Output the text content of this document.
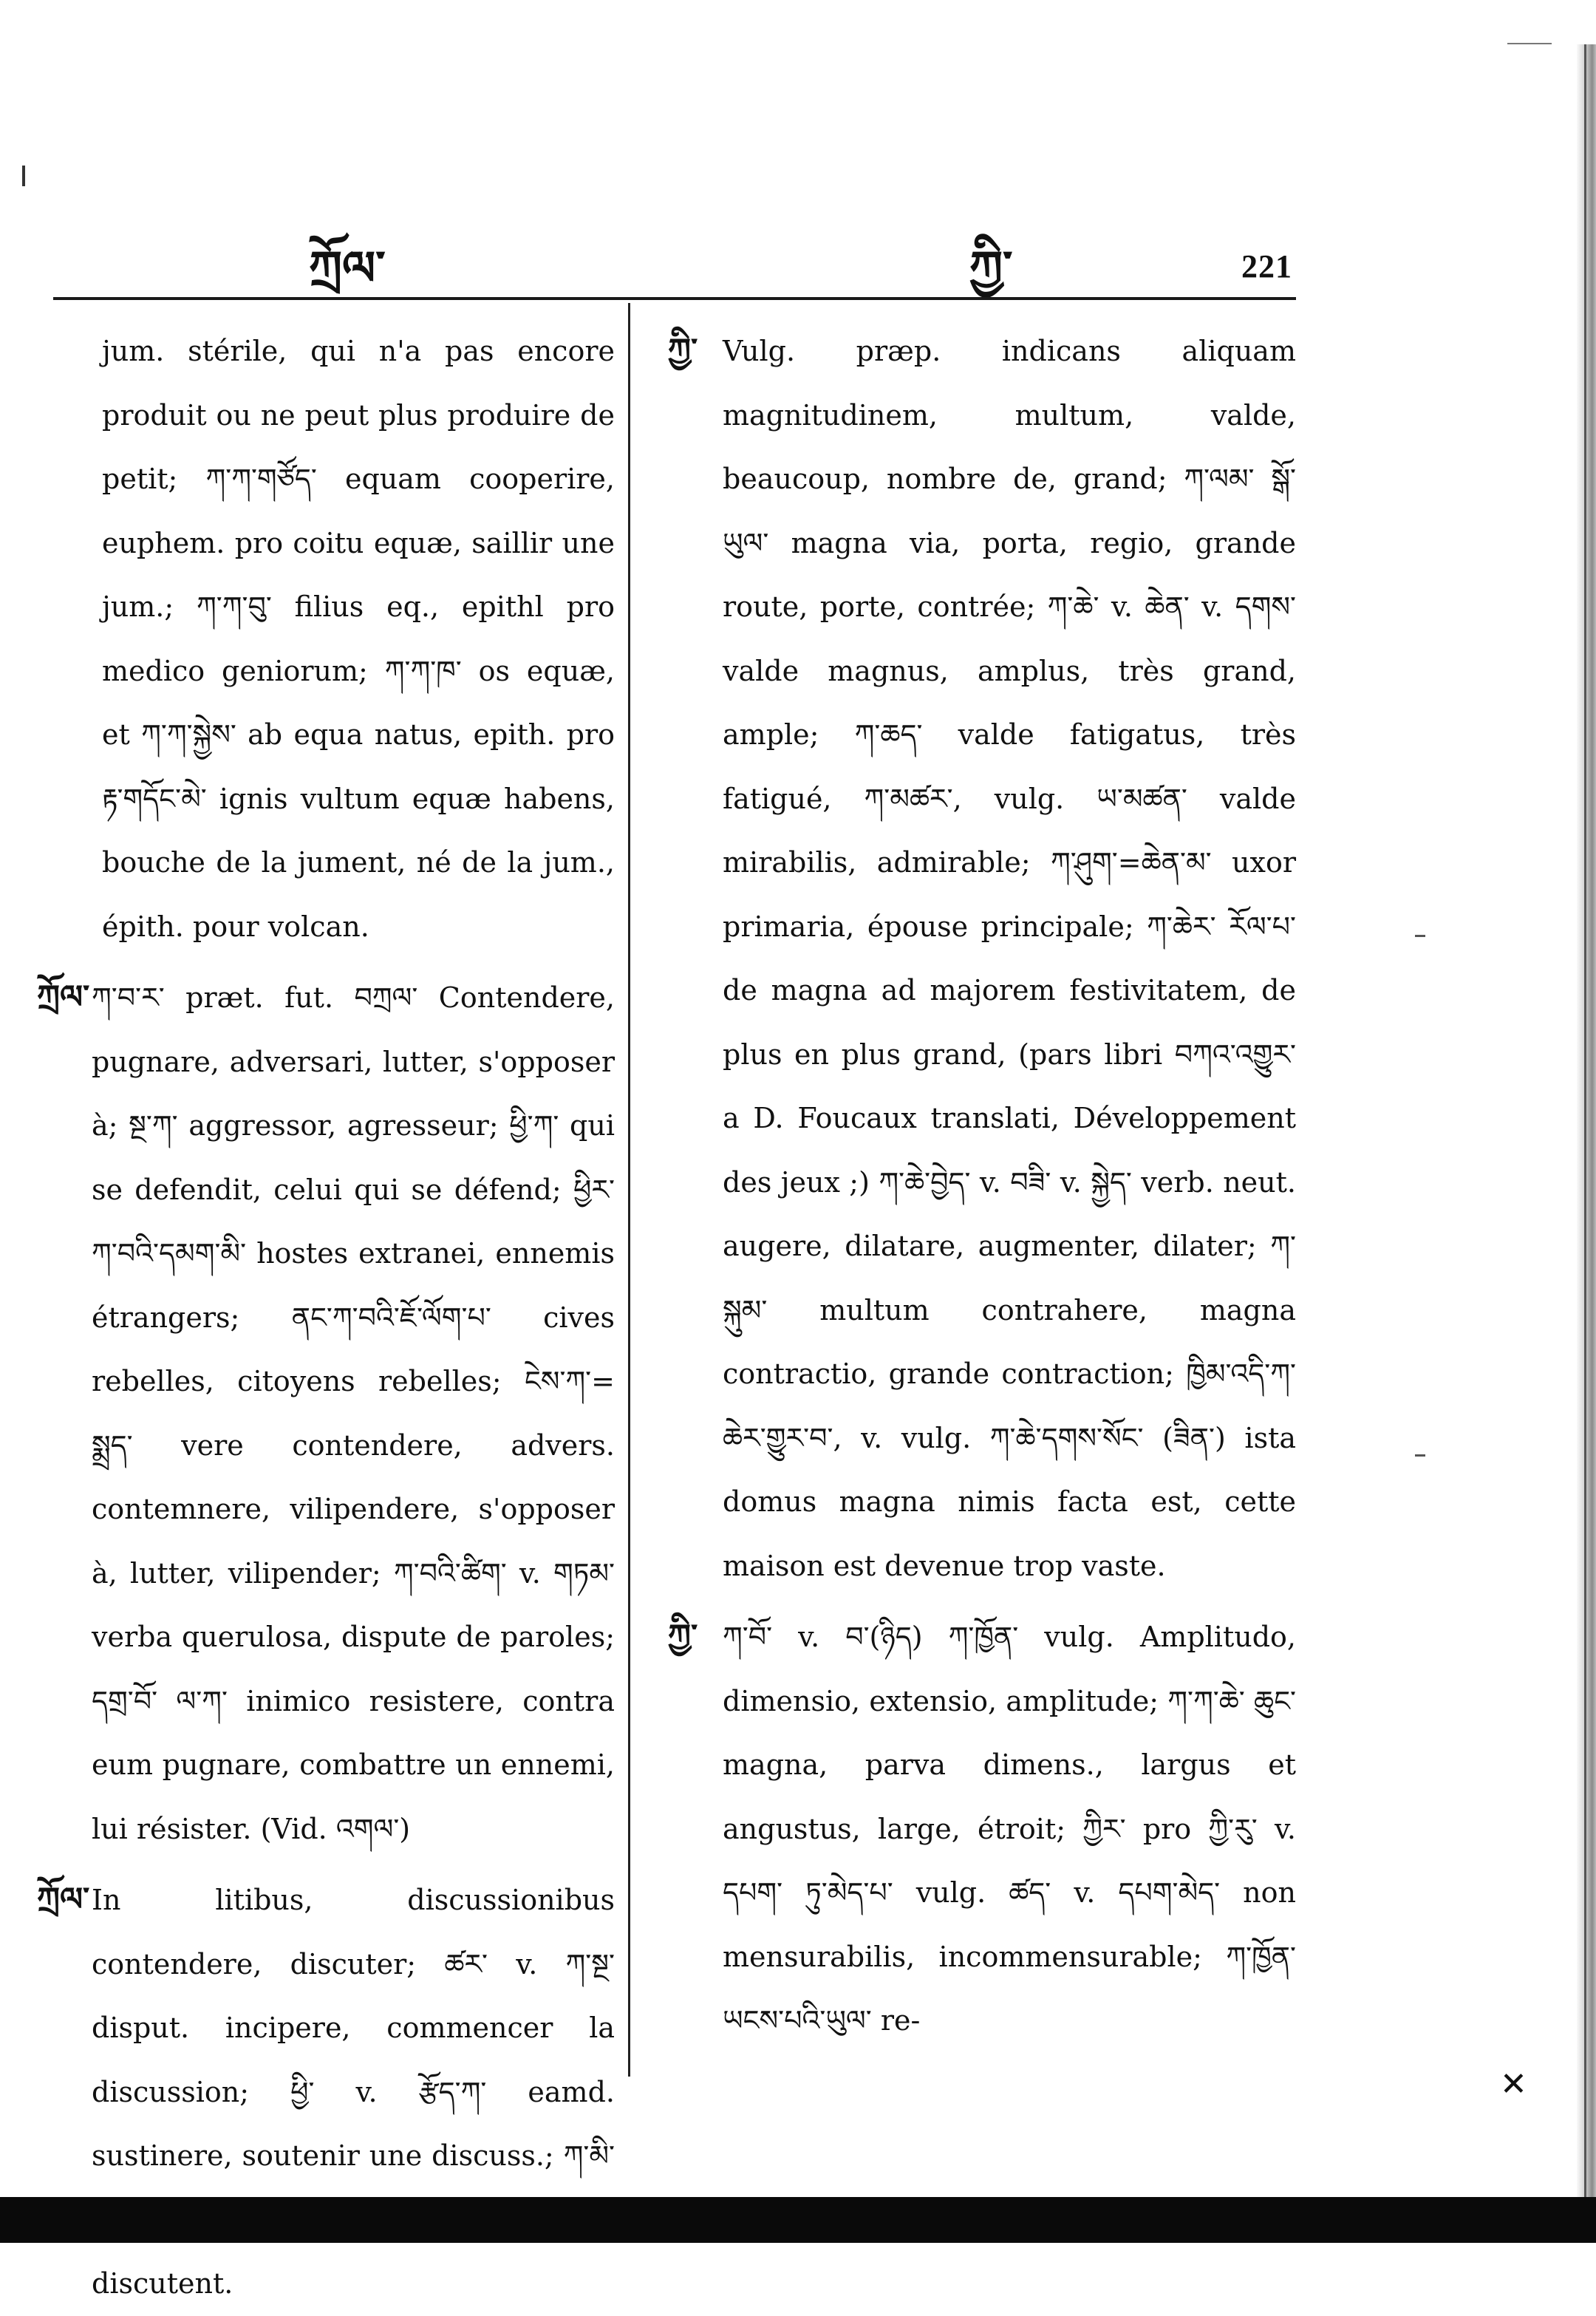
ཀྲོལ་	ཀྱི་	221

jum. stérile, qui n'a pas encore produit ou ne peut plus produire de petit; ཀ་ཀ་གཙོད་ equam cooperire, euphem. pro coitu equæ, saillir une jum.; ཀ་ཀ་བུ་ filius eq., epithl pro medico geniorum; ཀ་ཀ་ཁ་ os equæ, et ཀ་ཀ་སྐྱེས་ ab equa natus, epith. pro རྟ་གདོང་མེ་ ignis vultum equæ habens, bouche de la jument, né de la jum., épith. pour volcan.

ཀྲོལ་ ཀ་བ་ར་ præt. fut. བཀྲལ་ Contendere, pugnare, adversari, lutter, s'opposer à; སྔ་ཀ་ aggressor, agresseur; ཕྱི་ཀ་ qui se defendit, celui qui se défend; ཕྱིར་ཀ་བའི་དམག་མི་ hostes extranei, ennemis étrangers; ནང་ཀ་བའི་ཇོ་ལོག་པ་ cives rebelles, citoyens rebelles; ངེས་ཀ་= སྨྲད་ vere contendere, advers. contemnere, vilipendere, s'opposer à, lutter, vilipender; ཀ་བའི་ཚིག་ v. གཏམ་ verba querulosa, dispute de paroles; དགྲ་བོ་ ལ་ཀ་ inimico resistere, contra eum pugnare, combattre un ennemi, lui résister. (Vid. འགལ་)

ཀྲོལ་ In litibus, discussionibus contendere, discuter; ཚར་ v. ཀ་སྔ་ disput. incipere, commencer la discussion; ཕྱི་ v. རྩོད་ཀ་ eamd. sustinere, soutenir une discuss.; ཀ་མི་ discutent.

ཀྱི་ Vulg. præp. indicans aliquam magnitudinem, multum, valde, beaucoup, nombre de, grand; ཀ་ལམ་ སྒོ་ ཡུལ་ magna via, porta, regio, grande route, porte, contrée; ཀ་ཆེ་ v. ཆེན་ v. དགས་ valde magnus, amplus, très grand, ample; ཀ་ཆད་ valde fatigatus, très fatigué, ཀ་མཚར་, vulg. ཡ་མཚན་ valde mirabilis, admirable; ཀ་ཤུག་=ཆེན་མ་ uxor primaria, épouse principale; ཀ་ཆེར་ རོལ་པ་ de magna ad majorem festivitatem, de plus en plus grand, (pars libri བཀའ་འགྱུར་ a D. Foucaux translati, Développement des jeux ;) ཀ་ཆེ་བྱེད་ v. བཟི་ v. སྐྱེད་ verb. neut. augere, dilatare, augmenter, dilater; ཀ་སྐུམ་ multum contrahere, magna contractio, grande contraction; ཁྱིམ་འདི་ཀ་ཆེར་གྱུར་བ་, v. vulg. ཀ་ཆེ་དགས་སོང་ (ཟིན་) ista domus magna nimis facta est, cette maison est devenue trop vaste.

ཀྱི་ ཀ་བོ་ v. བ་(ཉིད) ཀ་ཁྱོན་ vulg. Amplitudo, dimensio, extensio, amplitude; ཀ་ཀ་ཆེ་ ཆུང་ magna, parva dimens., largus et angustus, large, étroit; ཀྱིར་ pro ཀྱི་རུ་ v. དཔག་ ཏུ་མེད་པ་ vulg. ཚད་ v. དཔག་མེད་ non mensurabilis, incommensurable; ཀ་ཁྱོན་ཡངས་པའི་ཡུལ་ re-

✕
